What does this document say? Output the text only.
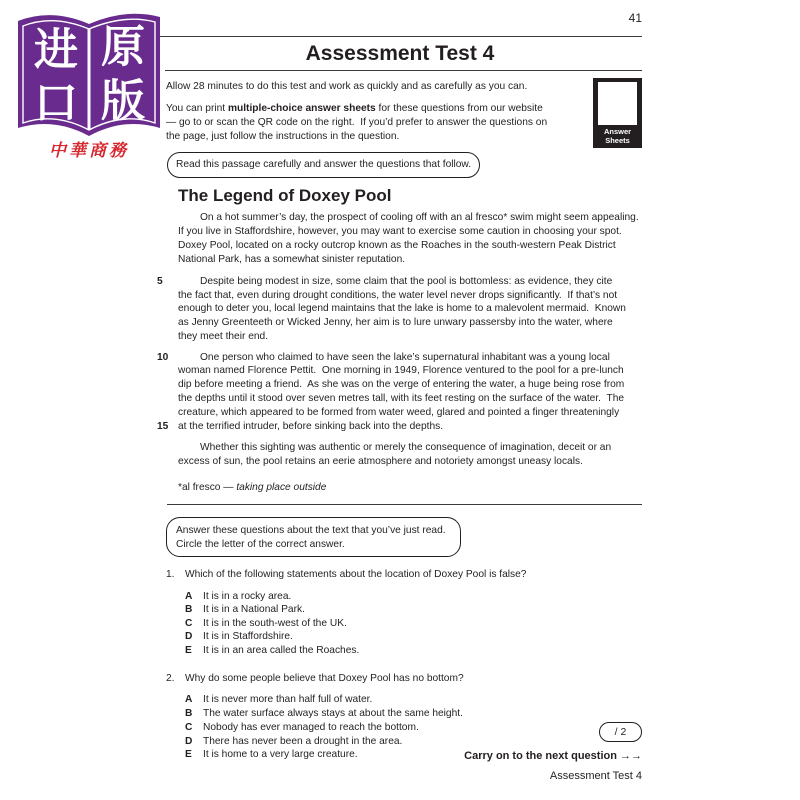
41
Assessment Test 4
Allow 28 minutes to do this test and work as quickly and as carefully as you can.
You can print multiple-choice answer sheets for these questions from our website
— go to or scan the QR code on the right.  If you’d prefer to answer the questions on
the page, just follow the instructions in the question.	Answer
Sheets
Read this passage carefully and answer the questions that follow.
The Legend of Doxey Pool
On a hot summer’s day, the prospect of cooling off with an al fresco* swim might seem appealing.
If you live in Staffordshire, however, you may want to exercise some caution in choosing your spot.
Doxey Pool, located on a rocky outcrop known as the Roaches in the south-western Peak District
National Park, has a somewhat sinister reputation.
5	Despite being modest in size, some claim that the pool is bottomless: as evidence, they cite
the fact that, even during drought conditions, the water level never drops significantly.  If that’s not
enough to deter you, local legend maintains that the lake is home to a malevolent mermaid.  Known
as Jenny Greenteeth or Wicked Jenny, her aim is to lure unwary passersby into the water, where
they meet their end.
10	One person who claimed to have seen the lake’s supernatural inhabitant was a young local
woman named Florence Pettit.  One morning in 1949, Florence ventured to the pool for a pre-lunch
dip before meeting a friend.  As she was on the verge of entering the water, a huge being rose from
the depths until it stood over seven metres tall, with its feet resting on the surface of the water.  The
creature, which appeared to be formed from water weed, glared and pointed a finger threateningly
at the terrified intruder, before sinking back into the depths.
15
Whether this sighting was authentic or merely the consequence of imagination, deceit or an
excess of sun, the pool retains an eerie atmosphere and notoriety amongst uneasy locals.
*al fresco — taking place outside
Answer these questions about the text that you’ve just read.
Circle the letter of the correct answer.
1. Which of the following statements about the location of Doxey Pool is false?
A It is in a rocky area.
B It is in a National Park.
C It is in the south-west of the UK.
D It is in Staffordshire.
E It is in an area called the Roaches.
2. Why do some people believe that Doxey Pool has no bottom?
A It is never more than half full of water.
B The water surface always stays at about the same height.
C Nobody has ever managed to reach the bottom.
D There has never been a drought in the area.
E It is home to a very large creature.
/ 2
Carry on to the next question →→
Assessment Test 4
进
口
原
版
中華商務
